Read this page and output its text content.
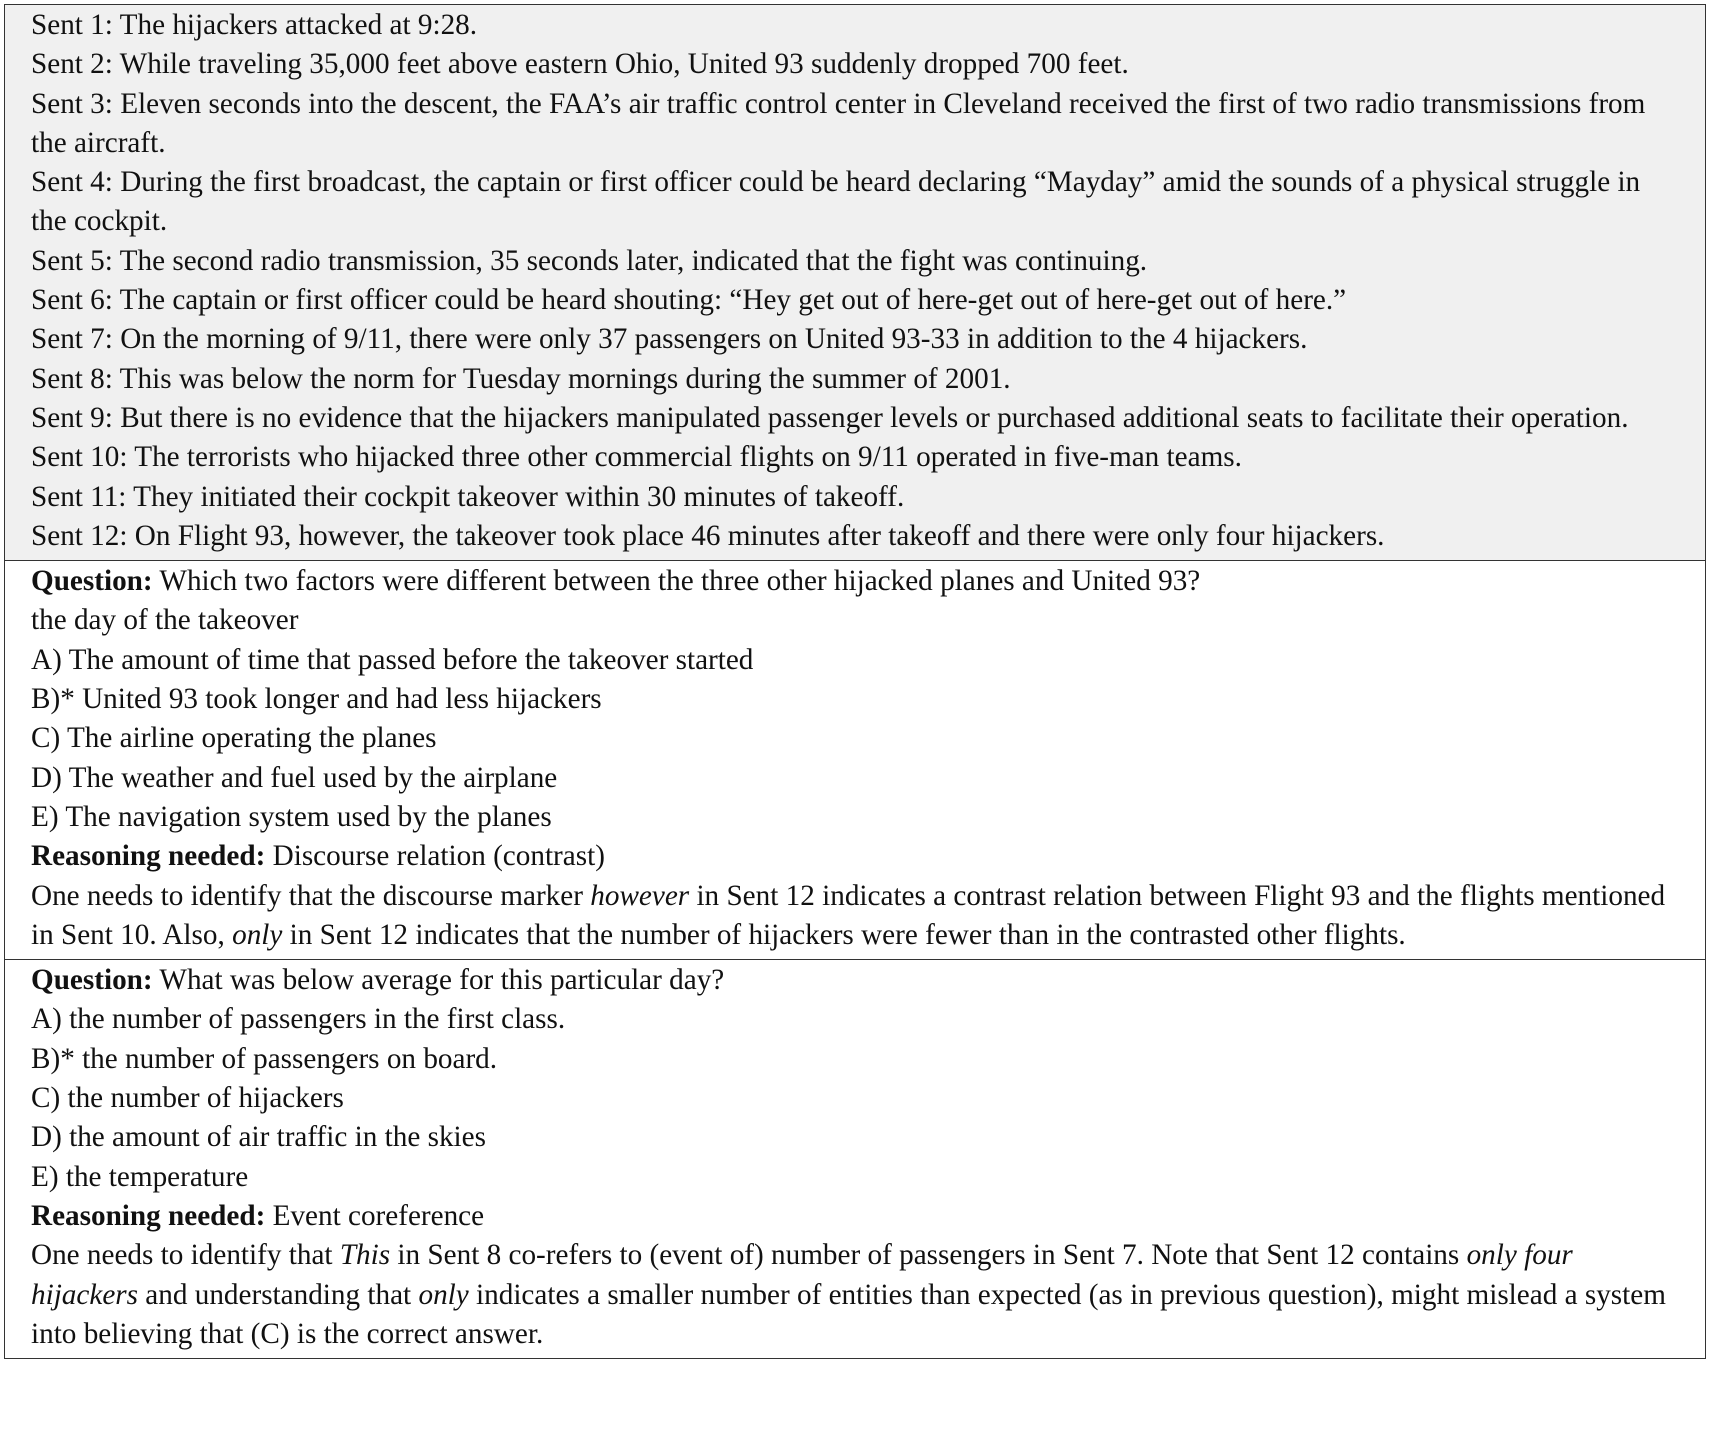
Sent 1: The hijackers attacked at 9:28.
Sent 2: While traveling 35,000 feet above eastern Ohio, United 93 suddenly dropped 700 feet.
Sent 3: Eleven seconds into the descent, the FAA’s air traffic control center in Cleveland received the first of two radio transmissions from the aircraft.
Sent 4: During the first broadcast, the captain or first officer could be heard declaring “Mayday” amid the sounds of a physical struggle in the cockpit.
Sent 5: The second radio transmission, 35 seconds later, indicated that the fight was continuing.
Sent 6: The captain or first officer could be heard shouting: “Hey get out of here-get out of here-get out of here.”
Sent 7: On the morning of 9/11, there were only 37 passengers on United 93-33 in addition to the 4 hijackers.
Sent 8: This was below the norm for Tuesday mornings during the summer of 2001.
Sent 9: But there is no evidence that the hijackers manipulated passenger levels or purchased additional seats to facilitate their operation.
Sent 10: The terrorists who hijacked three other commercial flights on 9/11 operated in five-man teams.
Sent 11: They initiated their cockpit takeover within 30 minutes of takeoff.
Sent 12: On Flight 93, however, the takeover took place 46 minutes after takeoff and there were only four hijackers.
Question: Which two factors were different between the three other hijacked planes and United 93?
the day of the takeover
A) The amount of time that passed before the takeover started
B)* United 93 took longer and had less hijackers
C) The airline operating the planes
D) The weather and fuel used by the airplane
E) The navigation system used by the planes
Reasoning needed: Discourse relation (contrast)
One needs to identify that the discourse marker however in Sent 12 indicates a contrast relation between Flight 93 and the flights mentioned in Sent 10. Also, only in Sent 12 indicates that the number of hijackers were fewer than in the contrasted other flights.
Question: What was below average for this particular day?
A) the number of passengers in the first class.
B)* the number of passengers on board.
C) the number of hijackers
D) the amount of air traffic in the skies
E) the temperature
Reasoning needed: Event coreference
One needs to identify that This in Sent 8 co-refers to (event of) number of passengers in Sent 7. Note that Sent 12 contains only four hijackers and understanding that only indicates a smaller number of entities than expected (as in previous question), might mislead a system into believing that (C) is the correct answer.
